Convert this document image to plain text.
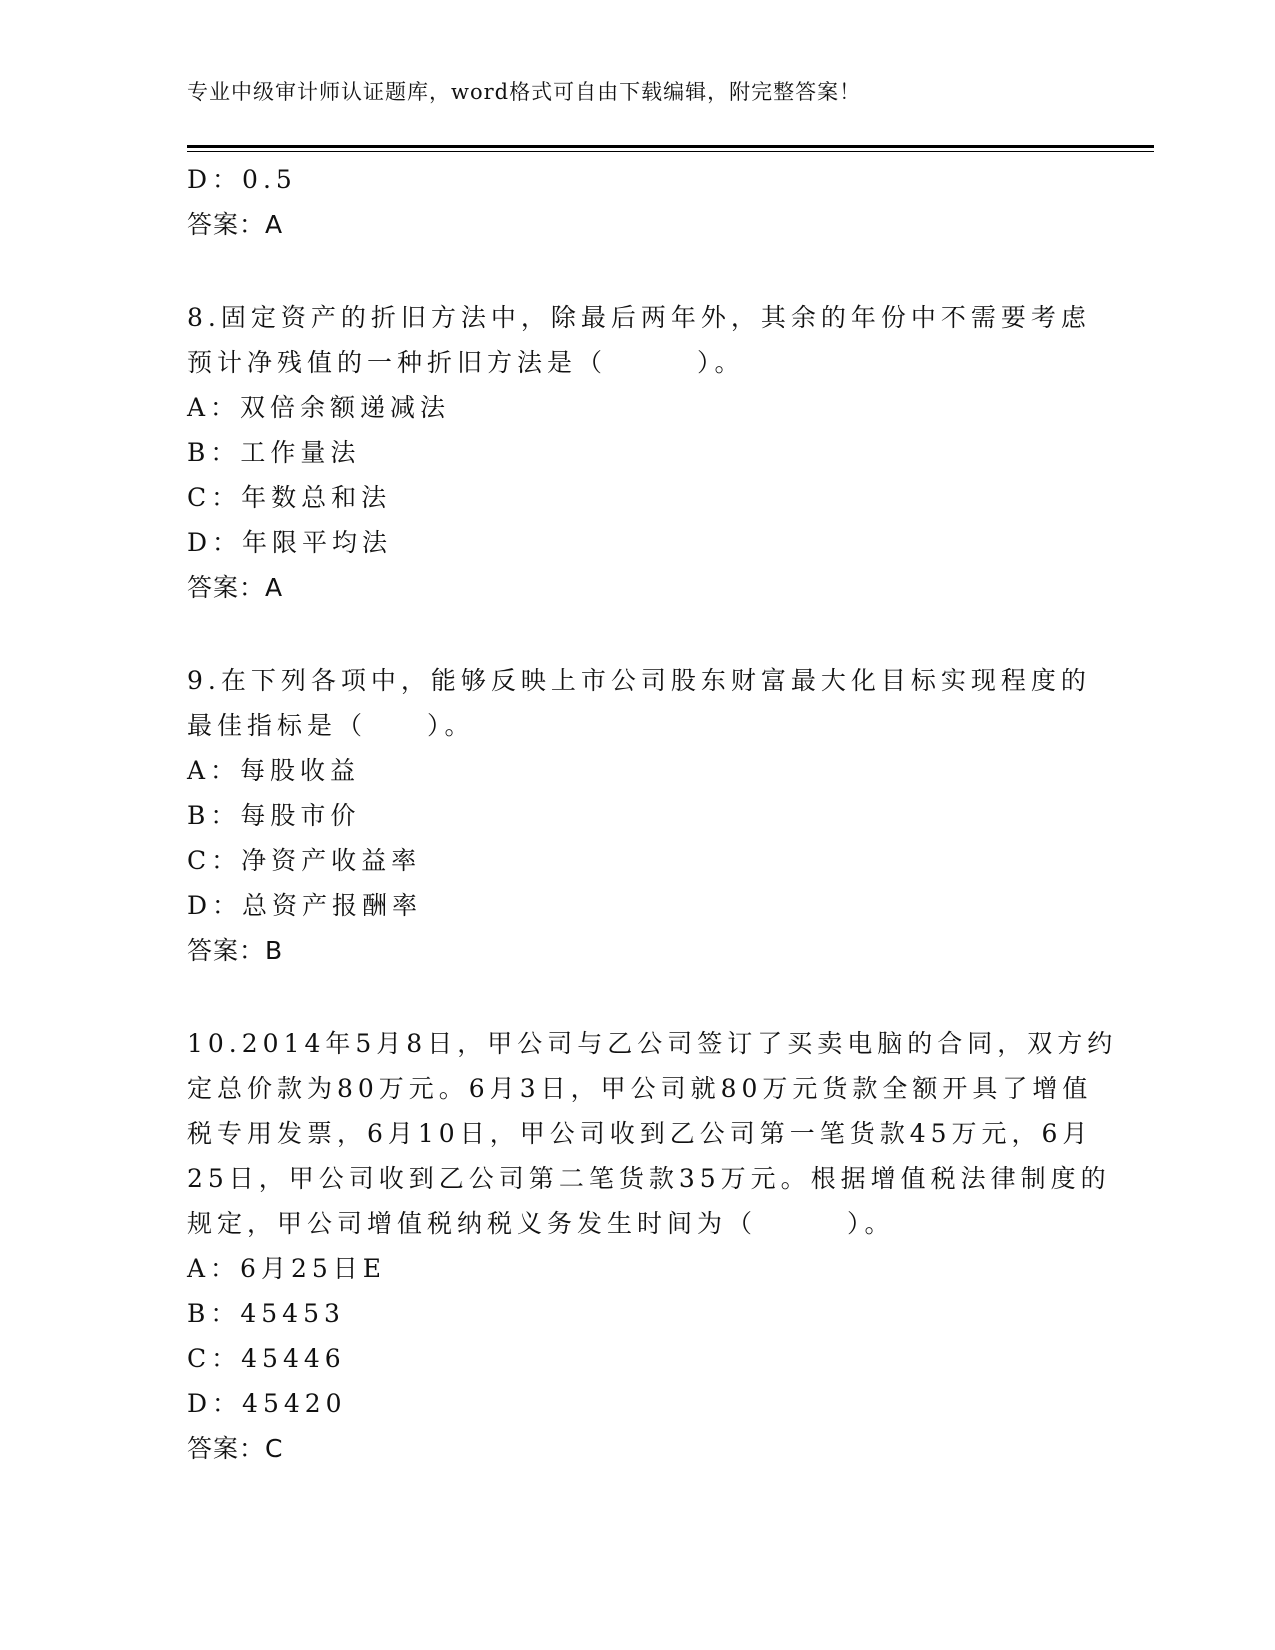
专业中级审计师认证题库，word格式可自由下载编辑，附完整答案！
D：0.5
答案：A
8.固定资产的折旧方法中，除最后两年外，其余的年份中不需要考虑
预计净残值的一种折旧方法是（　　　）。
A：双倍余额递减法
B：工作量法
C：年数总和法
D：年限平均法
答案：A
9.在下列各项中，能够反映上市公司股东财富最大化目标实现程度的
最佳指标是（　　）。
A：每股收益
B：每股市价
C：净资产收益率
D：总资产报酬率
答案：B
10.2014年5月8日，甲公司与乙公司签订了买卖电脑的合同，双方约
定总价款为80万元。6月3日，甲公司就80万元货款全额开具了增值
税专用发票，6月10日，甲公司收到乙公司第一笔货款45万元，6月
25日，甲公司收到乙公司第二笔货款35万元。根据增值税法律制度的
规定，甲公司增值税纳税义务发生时间为（　　　）。
A：6月25日E
B：45453
C：45446
D：45420
答案：C
